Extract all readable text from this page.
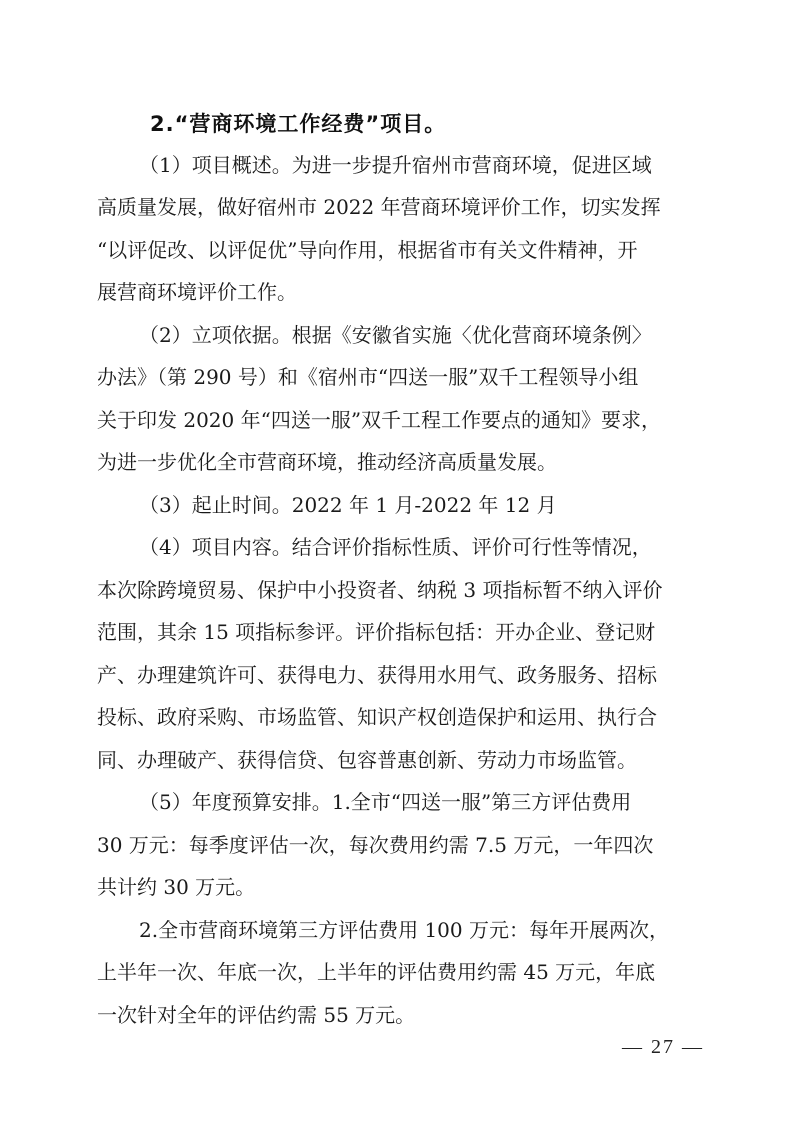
2.“营商环境工作经费”项目。
（1）项目概述。为进一步提升宿州市营商环境，促进区域
高质量发展，做好宿州市 2022 年营商环境评价工作，切实发挥
“以评促改、以评促优”导向作用，根据省市有关文件精神，开
展营商环境评价工作。
（2）立项依据。根据《安徽省实施〈优化营商环境条例〉
办法》（第 290 号）和《宿州市“四送一服”双千工程领导小组
关于印发 2020 年“四送一服”双千工程工作要点的通知》要求，
为进一步优化全市营商环境，推动经济高质量发展。
（3）起止时间。2022 年 1 月-2022 年 12 月
（4）项目内容。结合评价指标性质、评价可行性等情况，
本次除跨境贸易、保护中小投资者、纳税 3 项指标暂不纳入评价
范围，其余 15 项指标参评。评价指标包括：开办企业、登记财
产、办理建筑许可、获得电力、获得用水用气、政务服务、招标
投标、政府采购、市场监管、知识产权创造保护和运用、执行合
同、办理破产、获得信贷、包容普惠创新、劳动力市场监管。
（5）年度预算安排。1.全市“四送一服”第三方评估费用
30 万元：每季度评估一次，每次费用约需 7.5 万元，一年四次
共计约 30 万元。
2.全市营商环境第三方评估费用 100 万元：每年开展两次，
上半年一次、年底一次，上半年的评估费用约需 45 万元，年底
一次针对全年的评估约需 55 万元。
— 27 —
